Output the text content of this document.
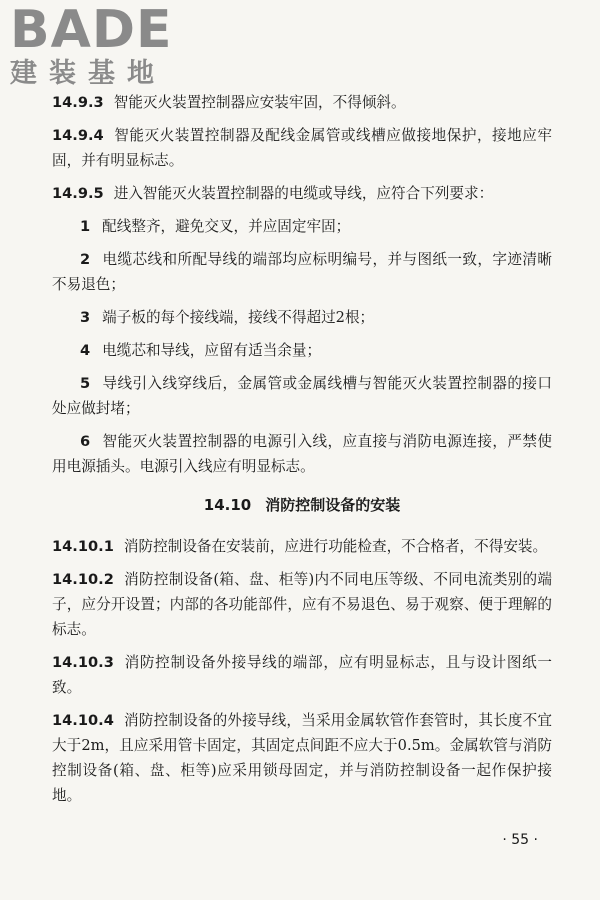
BADE
建装基地

14.9.3 智能灭火装置控制器应安装牢固，不得倾斜。

14.9.4 智能灭火装置控制器及配线金属管或线槽应做接地保护，接地应牢固，并有明显标志。

14.9.5 进入智能灭火装置控制器的电缆或导线，应符合下列要求：

1 配线整齐，避免交叉，并应固定牢固；

2 电缆芯线和所配导线的端部均应标明编号，并与图纸一致，字迹清晰不易退色；

3 端子板的每个接线端，接线不得超过2根；

4 电缆芯和导线，应留有适当余量；

5 导线引入线穿线后，金属管或金属线槽与智能灭火装置控制器的接口处应做封堵；

6 智能灭火装置控制器的电源引入线，应直接与消防电源连接，严禁使用电源插头。电源引入线应有明显标志。

14.10 消防控制设备的安装

14.10.1 消防控制设备在安装前，应进行功能检查，不合格者，不得安装。

14.10.2 消防控制设备(箱、盘、柜等)内不同电压等级、不同电流类别的端子，应分开设置；内部的各功能部件，应有不易退色、易于观察、便于理解的标志。

14.10.3 消防控制设备外接导线的端部，应有明显标志，且与设计图纸一致。

14.10.4 消防控制设备的外接导线，当采用金属软管作套管时，其长度不宜大于2m，且应采用管卡固定，其固定点间距不应大于0.5m。金属软管与消防控制设备(箱、盘、柜等)应采用锁母固定，并与消防控制设备一起作保护接地。

· 55 ·
